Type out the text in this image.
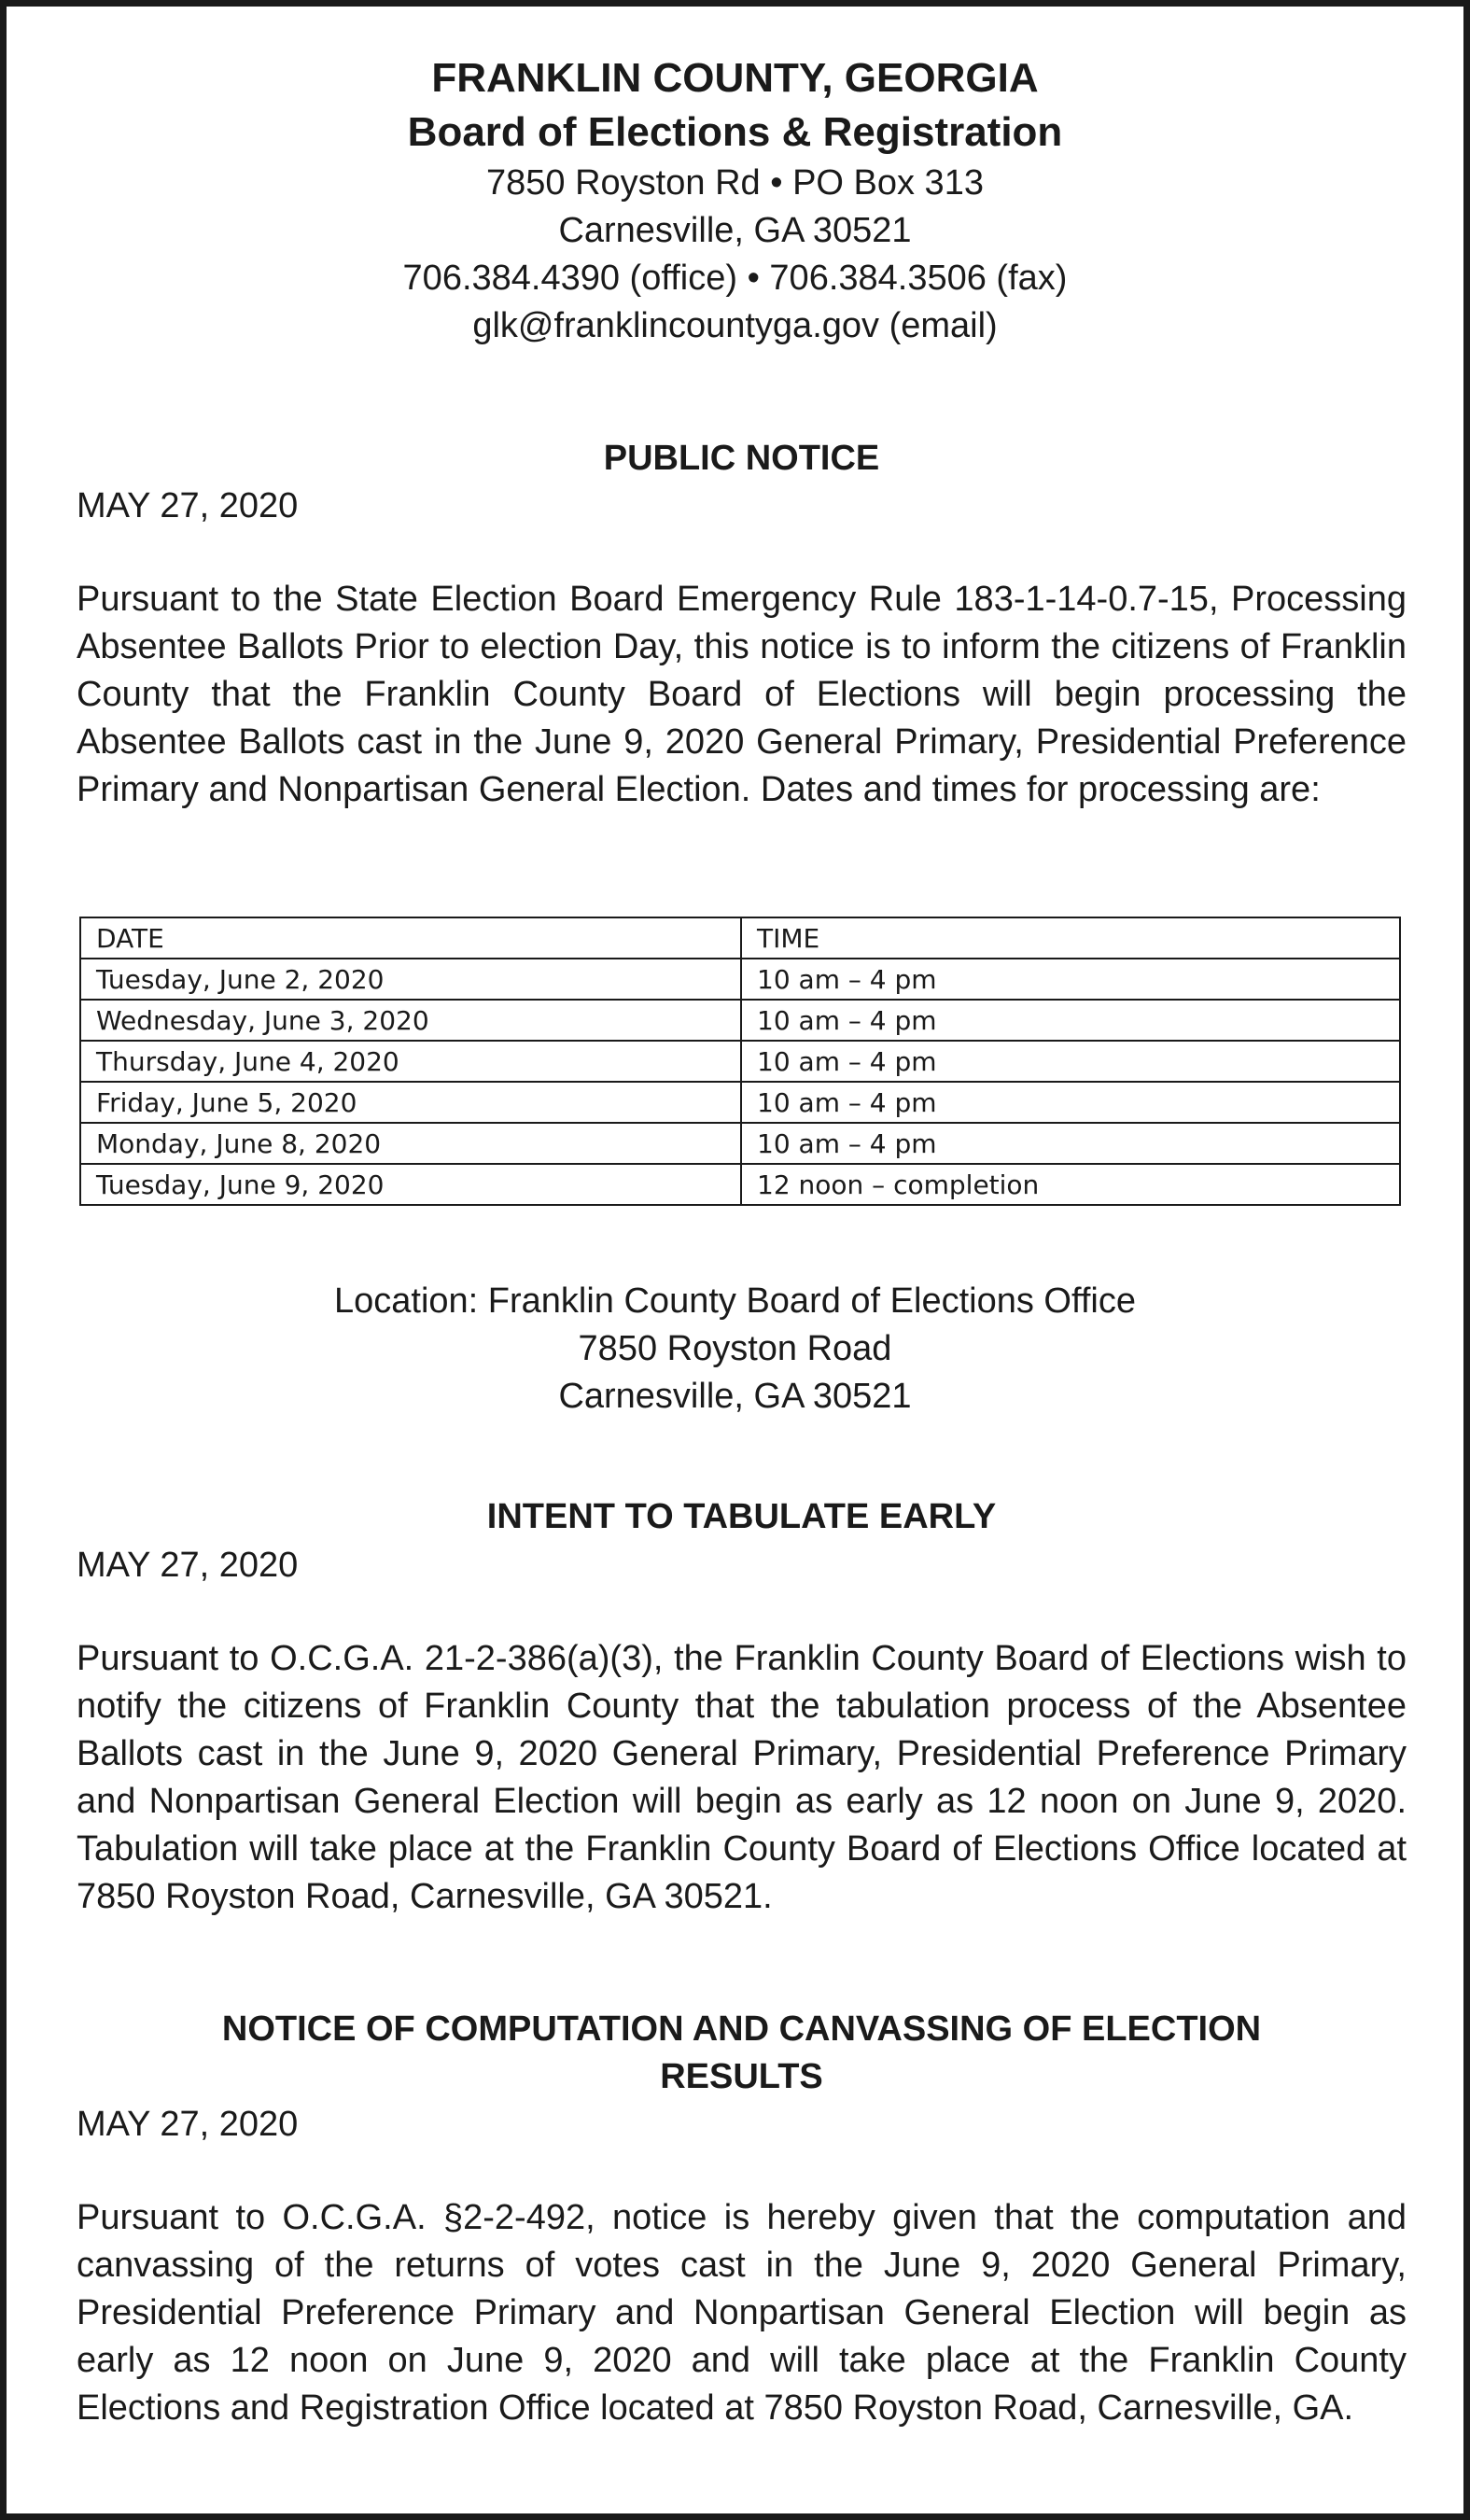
FRANKLIN COUNTY, GEORGIA

Board of Elections & Registration

7850 Royston Rd • PO Box 313

Carnesville, GA 30521

706.384.4390 (office) • 706.384.3506 (fax)

glk@franklincountyga.gov (email)

PUBLIC NOTICE

MAY 27, 2020

Pursuant to the State Election Board Emergency Rule 183-1-14-0.7-15, Processing Absentee Ballots Prior to election Day, this notice is to inform the citizens of Franklin County that the Franklin County Board of Elections will begin processing the Absentee Ballots cast in the June 9, 2020 General Primary, Presidential Preference Primary and Nonpartisan General Election. Dates and times for processing are:

DATE	TIME
Tuesday, June 2, 2020	10 am – 4 pm
Wednesday, June 3, 2020	10 am – 4 pm
Thursday, June 4, 2020	10 am – 4 pm
Friday, June 5, 2020	10 am – 4 pm
Monday, June 8, 2020	10 am – 4 pm
Tuesday, June 9, 2020	12 noon – completion

Location: Franklin County Board of Elections Office

7850 Royston Road

Carnesville, GA 30521

INTENT TO TABULATE EARLY

MAY 27, 2020

Pursuant to O.C.G.A. 21-2-386(a)(3), the Franklin County Board of Elections wish to notify the citizens of Franklin County that the tabulation process of the Absentee Ballots cast in the June 9, 2020 General Primary, Presidential Preference Primary and Nonpartisan General Election will begin as early as 12 noon on June 9, 2020. Tabulation will take place at the Franklin County Board of Elections Office located at 7850 Royston Road, Carnesville, GA 30521.

NOTICE OF COMPUTATION AND CANVASSING OF ELECTION

RESULTS

MAY 27, 2020

Pursuant to O.C.G.A. §2-2-492, notice is hereby given that the computation and canvassing of the returns of votes cast in the June 9, 2020 General Primary, Presidential Preference Primary and Nonpartisan General Election will begin as early as 12 noon on June 9, 2020 and will take place at the Franklin County Elections and Registration Office located at 7850 Royston Road, Carnesville, GA.
